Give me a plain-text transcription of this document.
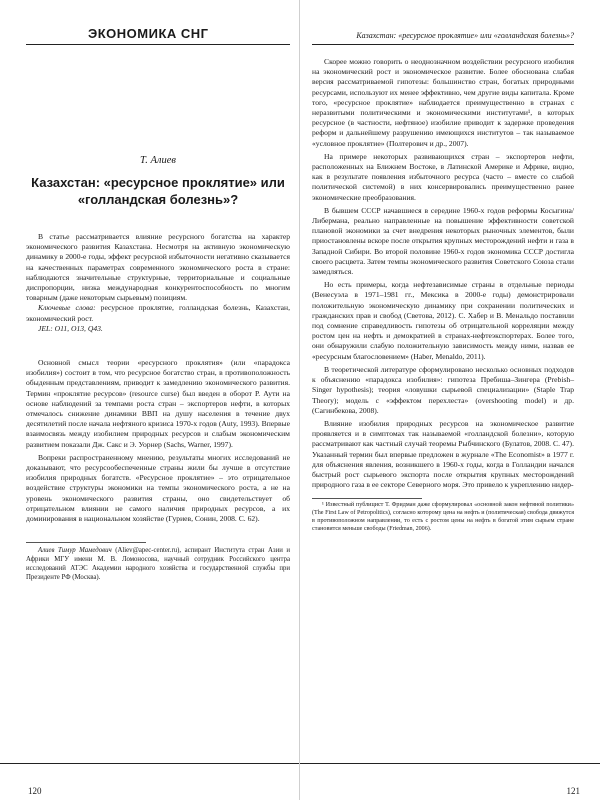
ЭКОНОМИКА СНГ
Т. Алиев
Казахстан: «ресурсное проклятие» или «голландская болезнь»?

В статье рассматривается влияние ресурсного богатства на характер экономического развития Казахстана. Несмотря на активную экономическую динамику в 2000-е годы, эффект ресурсной избыточности негативно сказывается на качественных параметрах современного экономического роста в стране: наблюдаются значительные структурные, территориальные и социальные диспропорции, низка международная конкурентоспособность по многим товарным (даже некоторым сырьевым) позициям.

Ключевые слова: ресурсное проклятие, голландская болезнь, Казахстан, экономический рост.

JEL: O11, O13, Q43.

Основной смысл теории «ресурсного проклятия» (или «парадокса изобилия») состоит в том, что ресурсное богатство стран, в противоположность обыденным представлениям, приводит к замедлению экономического развития. Термин «проклятие ресурсов» (resource curse) был введен в оборот Р. Аути на основе наблюдений за темпами роста стран – экспортеров нефти, в которых отмечалось снижение динамики ВВП на душу населения в течение двух десятилетий после начала нефтяного кризиса 1970-х годов (Auty, 1993). Впервые взаимосвязь между изобилием природных ресурсов и слабым экономическим развитием показали Дж. Сакс и Э. Уорнер (Sachs, Warner, 1997).

Вопреки распространенному мнению, результаты многих исследований не доказывают, что ресурсообеспеченные страны жили бы лучше в отсутствие изобилия природных богатств. «Ресурсное проклятие» – это отрицательное воздействие структуры экономики на темпы экономического роста, а не на уровень экономического развития страны, оно свидетельствует об отрицательном влиянии не самого наличия природных ресурсов, а их доминирования в национальном хозяйстве (Гуриев, Сонин, 2008. С. 62).

Алиев Тимур Мамедович (Aliev@apec-center.ru), аспирант Института стран Азии и Африки МГУ имени М. В. Ломоносова, научный сотрудник Российского центра исследований АТЭС Академии народного хозяйства и государственной службы при Президенте РФ (Москва).

120
Казахстан: «ресурсное проклятие» или «голландская болезнь»?

Скорее можно говорить о неоднозначном воздействии ресурсного изобилия на экономический рост и экономическое развитие. Более обоснована слабая версия рассматриваемой гипотезы: большинство стран, богатых природными ресурсами, используют их менее эффективно, чем другие виды капитала. Кроме того, «ресурсное проклятие» наблюдается преимущественно в странах с неразвитыми политическими и экономическими институтами¹, в которых ресурсное (в частности, нефтяное) изобилие приводит к задержке проведения реформ и дальнейшему разрушению имеющихся институтов – так называемое «условное проклятие» (Полтерович и др., 2007).

На примере некоторых развивающихся стран – экспортеров нефти, расположенных на Ближнем Востоке, в Латинской Америке и Африке, видно, как в результате появления избыточного ресурса (часто – вместе со слабой политической системой) в них консервировались преимущественно ранее экономические преобразования.

В бывшем СССР начавшиеся в середине 1960-х годов реформы Косыгина/Либермана, реально направленные на повышение эффективности советской плановой экономики за счет внедрения некоторых рыночных элементов, были приостановлены вскоре после открытия крупных месторождений нефти и газа в Западной Сибири. Во второй половине 1960-х годов экономика СССР достигла своего расцвета. Затем темпы экономического развития Советского Союза стали замедляться.

Но есть примеры, когда нефтезависимые страны в отдельные периоды (Венесуэла в 1971–1981 гг., Мексика в 2000-е годы) демонстрировали положительную экономическую динамику при сохранении политических и гражданских прав и свобод (Светова, 2012). С. Хабер и В. Менальдо поставили под сомнение справедливость гипотезы об отрицательной корреляции между ростом цен на нефть и демократией в странах-нефтеэкспортерах. Более того, они обнаружили слабую положительную зависимость между ними, назвав ее «ресурсным благословением» (Haber, Menaldo, 2011).

В теоретической литературе сформулировано несколько основных подходов к объяснению «парадокса изобилия»: гипотеза Пребиша–Зингера (Prebish–Singer hypothesis); теория «ловушки сырьевой специализации» (Staple Trap Theory); модель с «эффектом перехлеста» (overshooting model) и др. (Сагинбекова, 2008).

Влияние изобилия природных ресурсов на экономическое развитие проявляется и в симптомах так называемой «голландской болезни», которую рассматривают как частный случай теоремы Рыбчинского (Булатов, 2008. С. 47). Указанный термин был впервые предложен в журнале «The Economist» в 1977 г. для объяснения явления, возникшего в 1960-х годы, когда в Голландии начался быстрый рост сырьевого экспорта после открытия крупных месторождений природного газа в ее секторе Северного моря. Это привело к укреплению нидер-

¹ Известный публицист Т. Фридман даже сформулировал «основной закон нефтяной политики» (The First Law of Petropolitics), согласно которому цена на нефть и (политическая) свобода движутся в противоположном направлении, то есть с ростом цены на нефть в богатой этим сырьем стране становится меньше свободы (Friedman, 2006).

121
